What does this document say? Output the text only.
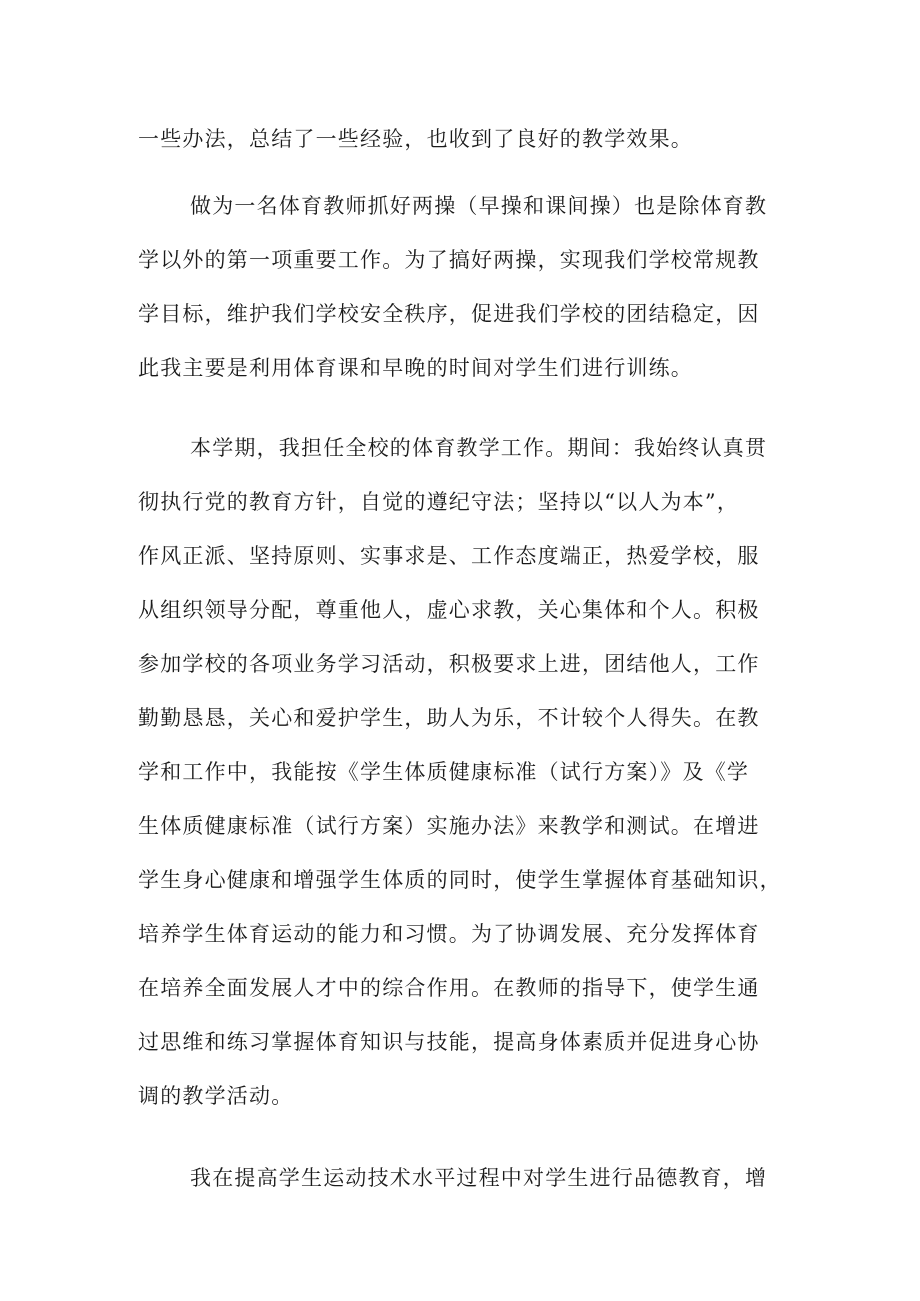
一些办法，总结了一些经验，也收到了良好的教学效果。
做为一名体育教师抓好两操（早操和课间操）也是除体育教
学以外的第一项重要工作。为了搞好两操，实现我们学校常规教
学目标，维护我们学校安全秩序，促进我们学校的团结稳定，因
此我主要是利用体育课和早晚的时间对学生们进行训练。
本学期，我担任全校的体育教学工作。期间：我始终认真贯
彻执行党的教育方针，自觉的遵纪守法；坚持以“以人为本”，
作风正派、坚持原则、实事求是、工作态度端正，热爱学校，服
从组织领导分配，尊重他人，虚心求教，关心集体和个人。积极
参加学校的各项业务学习活动，积极要求上进，团结他人，工作
勤勤恳恳，关心和爱护学生，助人为乐，不计较个人得失。在教
学和工作中，我能按《学生体质健康标准（试行方案）》及《学
生体质健康标准（试行方案）实施办法》来教学和测试。在增进
学生身心健康和增强学生体质的同时，使学生掌握体育基础知识，
培养学生体育运动的能力和习惯。为了协调发展、充分发挥体育
在培养全面发展人才中的综合作用。在教师的指导下，使学生通
过思维和练习掌握体育知识与技能，提高身体素质并促进身心协
调的教学活动。
我在提高学生运动技术水平过程中对学生进行品德教育，增
